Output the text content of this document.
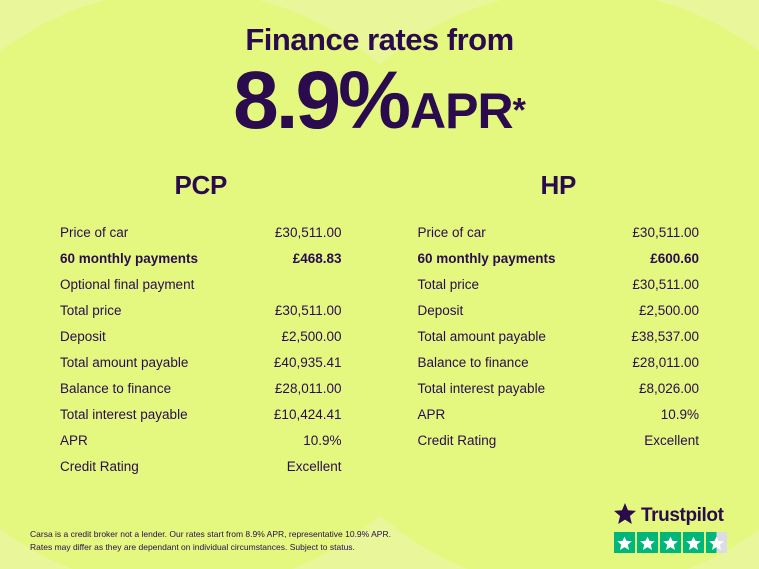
Finance rates from
8.9%APR*
PCP
Price of car	£30,511.00
60 monthly payments	£468.83
Optional final payment
Total price	£30,511.00
Deposit	£2,500.00
Total amount payable	£40,935.41
Balance to finance	£28,011.00
Total interest payable	£10,424.41
APR	10.9%
Credit Rating	Excellent
HP
Price of car	£30,511.00
60 monthly payments	£600.60
Total price	£30,511.00
Deposit	£2,500.00
Total amount payable	£38,537.00
Balance to finance	£28,011.00
Total interest payable	£8,026.00
APR	10.9%
Credit Rating	Excellent
Carsa is a credit broker not a lender. Our rates start from 8.9% APR, representative 10.9% APR.
Rates may differ as they are dependant on individual circumstances. Subject to status.
Trustpilot
